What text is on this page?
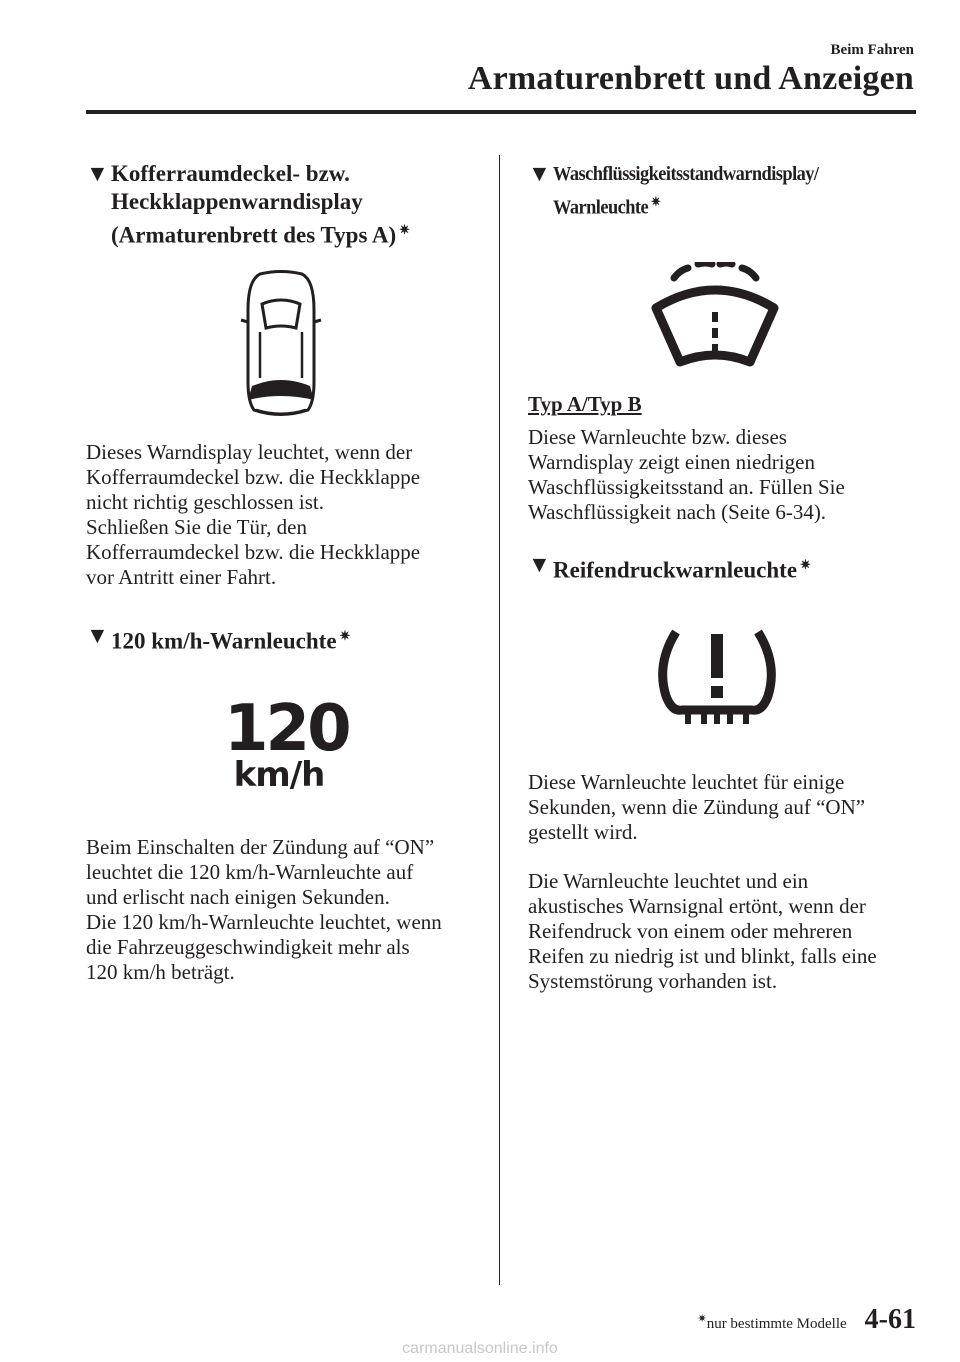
Beim Fahren
Armaturenbrett und Anzeigen
▼ Kofferraumdeckel- bzw.
Heckklappenwarndisplay
(Armaturenbrett des Typs A) ✷

Dieses Warndisplay leuchtet, wenn der

Kofferraumdeckel bzw. die Heckklappe

nicht richtig geschlossen ist.

Schließen Sie die Tür, den

Kofferraumdeckel bzw. die Heckklappe

vor Antritt einer Fahrt.

▼ 120 km/h-Warnleuchte ✷
120
km/h

Beim Einschalten der Zündung auf “ON”

leuchtet die 120 km/h-Warnleuchte auf

und erlischt nach einigen Sekunden.

Die 120 km/h-Warnleuchte leuchtet, wenn

die Fahrzeuggeschwindigkeit mehr als

120 km/h beträgt.

▼ Waschflüssigkeitsstandwarndisplay/
Warnleuchte ✷
Typ A/Typ B

Diese Warnleuchte bzw. dieses

Warndisplay zeigt einen niedrigen

Waschflüssigkeitsstand an. Füllen Sie

Waschflüssigkeit nach (Seite 6-34).

▼ Reifendruckwarnleuchte ✷

Diese Warnleuchte leuchtet für einige

Sekunden, wenn die Zündung auf “ON”

gestellt wird.

Die Warnleuchte leuchtet und ein

akustisches Warnsignal ertönt, wenn der

Reifendruck von einem oder mehreren

Reifen zu niedrig ist und blinkt, falls eine

Systemstörung vorhanden ist.

✷nur bestimmte Modelle 4-61
carmanualsonline.info
